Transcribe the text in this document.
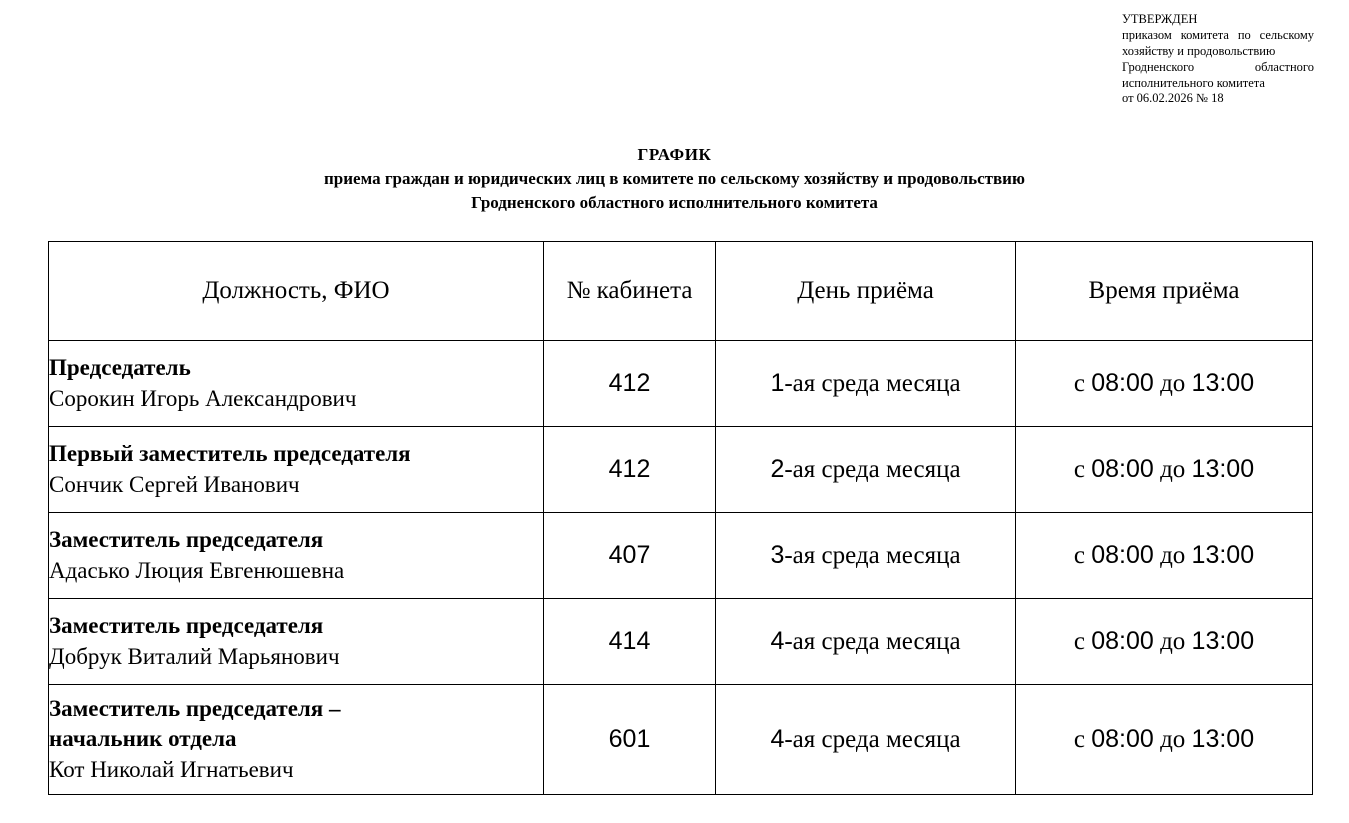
УТВЕРЖДЕН
приказом комитета по сельскому
хозяйству и продовольствию
Гродненского областного
исполнительного комитета
от 06.02.2026 № 18
ГРАФИК
приема граждан и юридических лиц в комитете по сельскому хозяйству и продовольствию
Гродненского областного исполнительного комитета
Должность, ФИО	№ кабинета	День приёма	Время приёма

Председатель
Сорокин Игорь Александрович	412	1-ая среда месяца	с 08:00 до 13:00

Первый заместитель председателя
Сончик Сергей Иванович	412	2-ая среда месяца	с 08:00 до 13:00

Заместитель председателя
Адасько Люция Евгенюшевна	407	3-ая среда месяца	с 08:00 до 13:00

Заместитель председателя
Добрук Виталий Марьянович	414	4-ая среда месяца	с 08:00 до 13:00

Заместитель председателя –
начальник отдела
Кот Николай Игнатьевич	601	4-ая среда месяца	с 08:00 до 13:00
